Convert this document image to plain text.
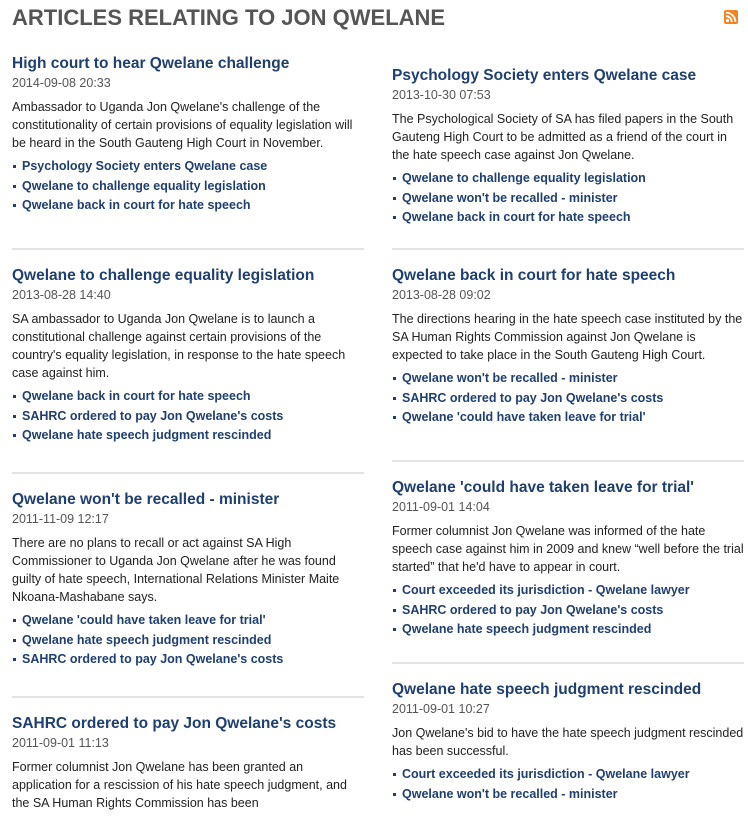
ARTICLES RELATING TO JON QWELANE
High court to hear Qwelane challenge
2014-09-08 20:33

Ambassador to Uganda Jon Qwelane's challenge of the constitutionality of certain provisions of equality legislation will be heard in the South Gauteng High Court in November.

Psychology Society enters Qwelane case
Qwelane to challenge equality legislation
Qwelane back in court for hate speech
Qwelane to challenge equality legislation
2013-08-28 14:40

SA ambassador to Uganda Jon Qwelane is to launch a constitutional challenge against certain provisions of the country's equality legislation, in response to the hate speech case against him.

Qwelane back in court for hate speech
SAHRC ordered to pay Jon Qwelane's costs
Qwelane hate speech judgment rescinded
Qwelane won't be recalled - minister
2011-11-09 12:17

There are no plans to recall or act against SA High Commissioner to Uganda Jon Qwelane after he was found guilty of hate speech, International Relations Minister Maite Nkoana-Mashabane says.

Qwelane 'could have taken leave for trial'
Qwelane hate speech judgment rescinded
SAHRC ordered to pay Jon Qwelane's costs
SAHRC ordered to pay Jon Qwelane's costs
2011-09-01 11:13

Former columnist Jon Qwelane has been granted an application for a rescission of his hate speech judgment, and the SA Human Rights Commission has been

Psychology Society enters Qwelane case
2013-10-30 07:53

The Psychological Society of SA has filed papers in the South Gauteng High Court to be admitted as a friend of the court in the hate speech case against Jon Qwelane.

Qwelane to challenge equality legislation
Qwelane won't be recalled - minister
Qwelane back in court for hate speech
Qwelane back in court for hate speech
2013-08-28 09:02

The directions hearing in the hate speech case instituted by the SA Human Rights Commission against Jon Qwelane is expected to take place in the South Gauteng High Court.

Qwelane won't be recalled - minister
SAHRC ordered to pay Jon Qwelane's costs
Qwelane 'could have taken leave for trial'
Qwelane 'could have taken leave for trial'
2011-09-01 14:04

Former columnist Jon Qwelane was informed of the hate speech case against him in 2009 and knew “well before the trial started” that he'd have to appear in court.

Court exceeded its jurisdiction - Qwelane lawyer
SAHRC ordered to pay Jon Qwelane's costs
Qwelane hate speech judgment rescinded
Qwelane hate speech judgment rescinded
2011-09-01 10:27

Jon Qwelane's bid to have the hate speech judgment rescinded has been successful.

Court exceeded its jurisdiction - Qwelane lawyer
Qwelane won't be recalled - minister
